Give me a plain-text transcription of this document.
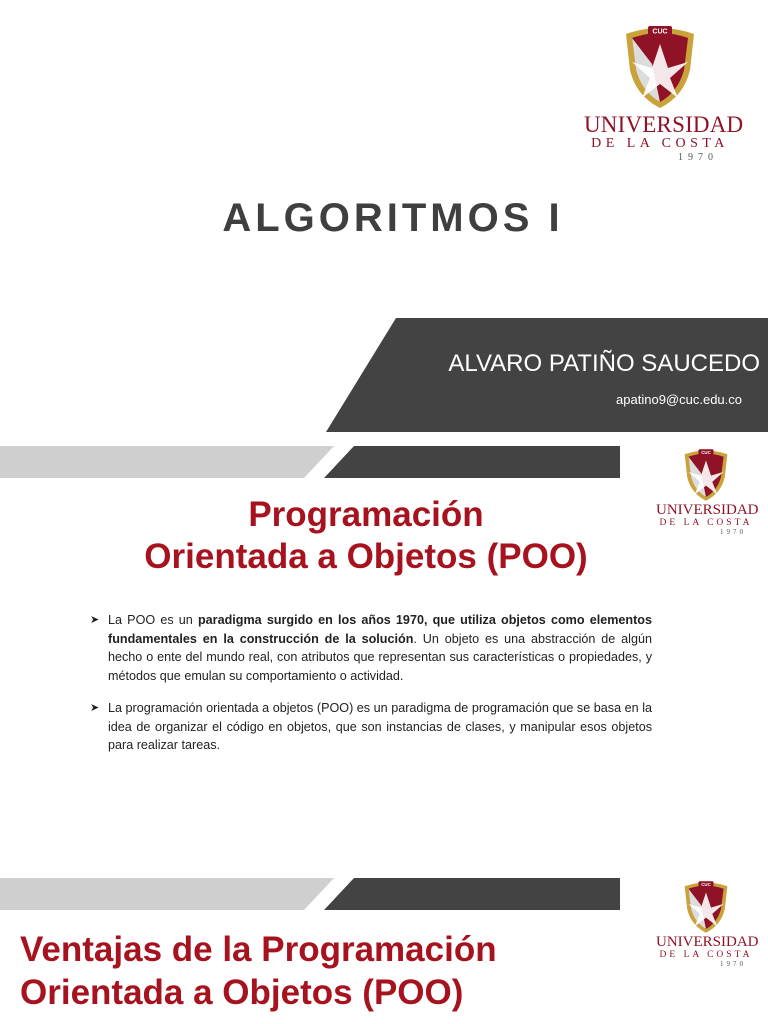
CUC
UNIVERSIDAD
DE LA COSTA
1970
ALGORITMOS I
ALVARO PATIÑO SAUCEDO
apatino9@cuc.edu.co
CUC
UNIVERSIDAD
DE LA COSTA
1970
Programación
Orientada a Objetos (POO)
➤ La POO es un paradigma surgido en los años 1970, que utiliza objetos como elementos fundamentales en la construcción de la solución. Un objeto es una abstracción de algún hecho o ente del mundo real, con atributos que representan sus características o propiedades, y métodos que emulan su comportamiento o actividad.
➤ La programación orientada a objetos (POO) es un paradigma de programación que se basa en la idea de organizar el código en objetos, que son instancias de clases, y manipular esos objetos para realizar tareas.
CUC
UNIVERSIDAD
DE LA COSTA
1970
Ventajas de la Programación
Orientada a Objetos (POO)
